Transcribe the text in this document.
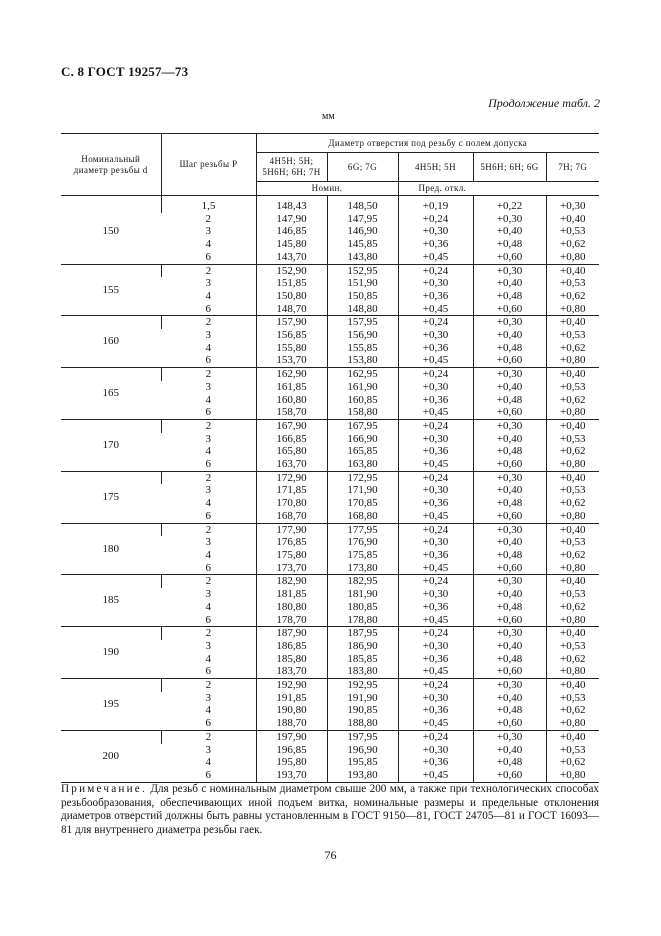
С. 8 ГОСТ 19257—73
Продолжение табл. 2
мм
Номинальный диаметр резьбы d	Шаг резьбы P	Диаметр отверстия под резьбу с полем допуска				
		4H5H; 5H; 5H6H; 6H; 7H	6G; 7G	4H5H; 5H	5H6H; 6H; 6G	7H; 7G
		Номин.		Пред. откл.		
150	1,5	148,43	148,50	+0,19	+0,22	+0,30
	2	147,90	147,95	+0,24	+0,30	+0,40
	3	146,85	146,90	+0,30	+0,40	+0,53
	4	145,80	145,85	+0,36	+0,48	+0,62
	6	143,70	143,80	+0,45	+0,60	+0,80
155	2	152,90	152,95	+0,24	+0,30	+0,40
	3	151,85	151,90	+0,30	+0,40	+0,53
	4	150,80	150,85	+0,36	+0,48	+0,62
	6	148,70	148,80	+0,45	+0,60	+0,80
160	2	157,90	157,95	+0,24	+0,30	+0,40
	3	156,85	156,90	+0,30	+0,40	+0,53
	4	155,80	155,85	+0,36	+0,48	+0,62
	6	153,70	153,80	+0,45	+0,60	+0,80
165	2	162,90	162,95	+0,24	+0,30	+0,40
	3	161,85	161,90	+0,30	+0,40	+0,53
	4	160,80	160,85	+0,36	+0,48	+0,62
	6	158,70	158,80	+0,45	+0,60	+0,80
170	2	167,90	167,95	+0,24	+0,30	+0,40
	3	166,85	166,90	+0,30	+0,40	+0,53
	4	165,80	165,85	+0,36	+0,48	+0,62
	6	163,70	163,80	+0,45	+0,60	+0,80
175	2	172,90	172,95	+0,24	+0,30	+0,40
	3	171,85	171,90	+0,30	+0,40	+0,53
	4	170,80	170,85	+0,36	+0,48	+0,62
	6	168,70	168,80	+0,45	+0,60	+0,80
180	2	177,90	177,95	+0,24	+0,30	+0,40
	3	176,85	176,90	+0,30	+0,40	+0,53
	4	175,80	175,85	+0,36	+0,48	+0,62
	6	173,70	173,80	+0,45	+0,60	+0,80
185	2	182,90	182,95	+0,24	+0,30	+0,40
	3	181,85	181,90	+0,30	+0,40	+0,53
	4	180,80	180,85	+0,36	+0,48	+0,62
	6	178,70	178,80	+0,45	+0,60	+0,80
190	2	187,90	187,95	+0,24	+0,30	+0,40
	3	186,85	186,90	+0,30	+0,40	+0,53
	4	185,80	185,85	+0,36	+0,48	+0,62
	6	183,70	183,80	+0,45	+0,60	+0,80
195	2	192,90	192,95	+0,24	+0,30	+0,40
	3	191,85	191,90	+0,30	+0,40	+0,53
	4	190,80	190,85	+0,36	+0,48	+0,62
	6	188,70	188,80	+0,45	+0,60	+0,80
200	2	197,90	197,95	+0,24	+0,30	+0,40
	3	196,85	196,90	+0,30	+0,40	+0,53
	4	195,80	195,85	+0,36	+0,48	+0,62
	6	193,70	193,80	+0,45	+0,60	+0,80
Примечание. Для резьб с номинальным диаметром свыше 200 мм, а также при технологических способах резьбообразования, обеспечивающих иной подъем витка, номинальные размеры и предельные отклонения диаметров отверстий должны быть равны установленным в ГОСТ 9150—81, ГОСТ 24705—81 и ГОСТ 16093—81 для внутреннего диаметра резьбы гаек.
76
